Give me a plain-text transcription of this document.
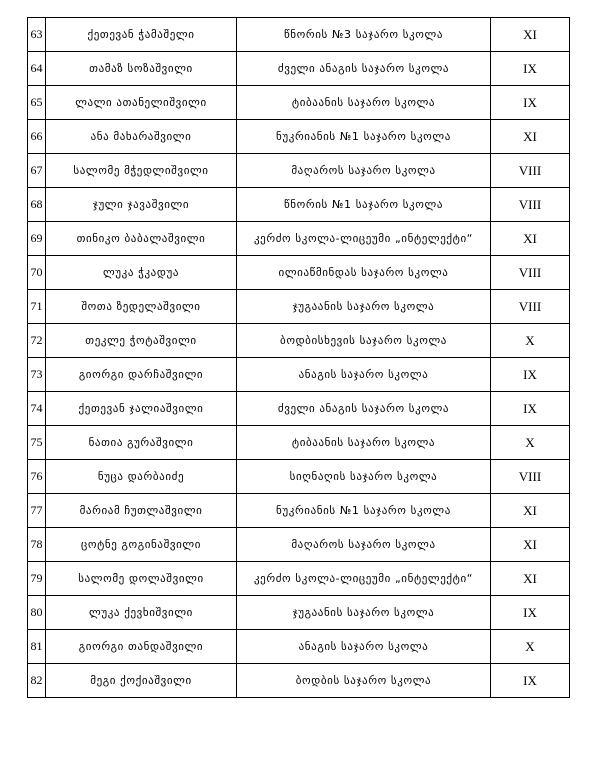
63	ქეთევან ჭამაშელი	წნორის №3 საჯარო სკოლა	XI
64	თამაზ სოზაშვილი	ძველი ანაგის საჯარო სკოლა	IX
65	ლალი ათანელიშვილი	ტიბაანის საჯარო სკოლა	IX
66	ანა მახარაშვილი	ნუკრიანის №1 საჯარო სკოლა	XI
67	სალომე მჭედლიშვილი	მაღაროს საჯარო სკოლა	VIII
68	ჯული ჯავაშვილი	წნორის №1 საჯარო სკოლა	VIII
69	თინიკო ბაბალაშვილი	კერძო სკოლა-ლიცეუმი „ინტელექტი“	XI
70	ლუკა ჭკადუა	ილიაწმინდას საჯარო სკოლა	VIII
71	შოთა ზედელაშვილი	ჯუგაანის საჯარო სკოლა	VIII
72	თეკლე ჭოტაშვილი	ბოდბისხევის საჯარო სკოლა	X
73	გიორგი დარჩაშვილი	ანაგის საჯარო სკოლა	IX
74	ქეთევან ჯალიაშვილი	ძველი ანაგის საჯარო სკოლა	IX
75	ნათია გურაშვილი	ტიბაანის საჯარო სკოლა	X
76	ნუცა დარბაიძე	სიღნაღის საჯარო სკოლა	VIII
77	მარიამ ჩუთლაშვილი	ნუკრიანის №1 საჯარო სკოლა	XI
78	ცოტნე გოგინაშვილი	მაღაროს საჯარო სკოლა	XI
79	სალომე დოლაშვილი	კერძო სკოლა-ლიცეუმი „ინტელექტი“	XI
80	ლუკა ქევხიშვილი	ჯუგაანის საჯარო სკოლა	IX
81	გიორგი თანდაშვილი	ანაგის საჯარო სკოლა	X
82	მეგი ქოქიაშვილი	ბოდბის საჯარო სკოლა	IX
